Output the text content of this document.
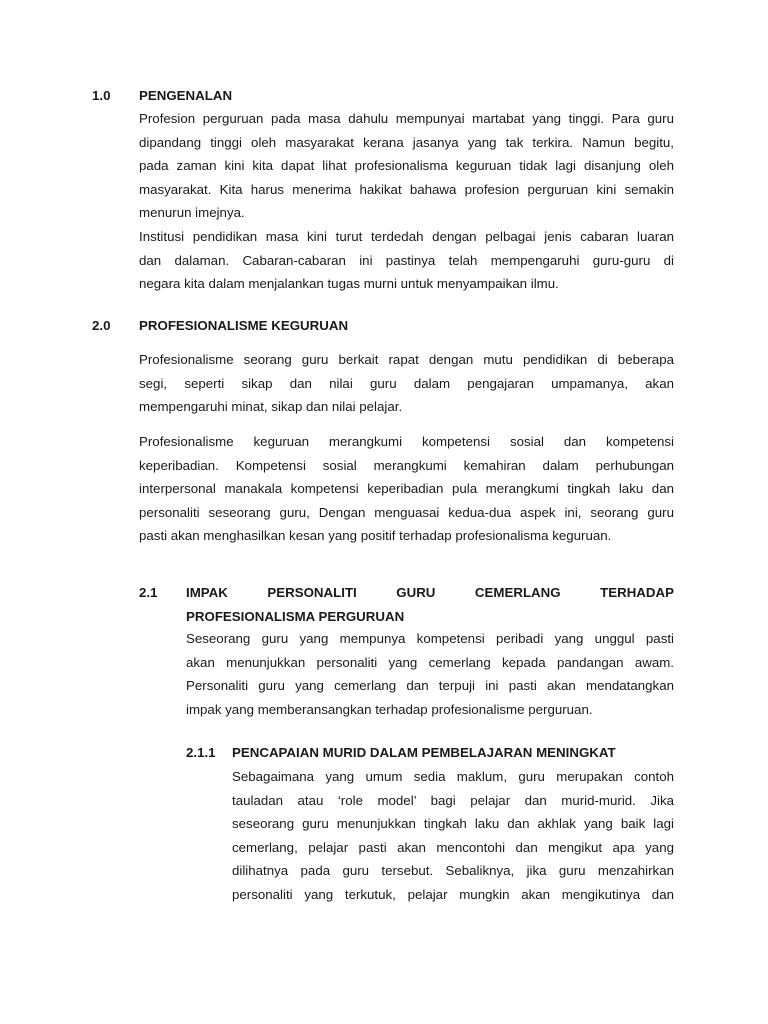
1.0 PENGENALAN
Profesion perguruan pada masa dahulu mempunyai martabat yang tinggi. Para guru
dipandang tinggi oleh masyarakat kerana jasanya yang tak terkira. Namun begitu,
pada zaman kini kita dapat lihat profesionalisma keguruan tidak lagi disanjung oleh
masyarakat. Kita harus menerima hakikat bahawa profesion perguruan kini semakin
menurun imejnya.
Institusi pendidikan masa kini turut terdedah dengan pelbagai jenis cabaran luaran
dan dalaman. Cabaran-cabaran ini pastinya telah mempengaruhi guru-guru di
negara kita dalam menjalankan tugas murni untuk menyampaikan ilmu.
2.0 PROFESIONALISME KEGURUAN
Profesionalisme seorang guru berkait rapat dengan mutu pendidikan di beberapa
segi, seperti sikap dan nilai guru dalam pengajaran umpamanya, akan
mempengaruhi minat, sikap dan nilai pelajar.
Profesionalisme keguruan merangkumi kompetensi sosial dan kompetensi
keperibadian. Kompetensi sosial merangkumi kemahiran dalam perhubungan
interpersonal manakala kompetensi keperibadian pula merangkumi tingkah laku dan
personaliti seseorang guru, Dengan menguasai kedua-dua aspek ini, seorang guru
pasti akan menghasilkan kesan yang positif terhadap profesionalisma keguruan.
2.1 IMPAK PERSONALITI GURU CEMERLANG TERHADAP
PROFESIONALISMA PERGURUAN
Seseorang guru yang mempunya kompetensi peribadi yang unggul pasti
akan menunjukkan personaliti yang cemerlang kepada pandangan awam.
Personaliti guru yang cemerlang dan terpuji ini pasti akan mendatangkan
impak yang memberansangkan terhadap profesionalisme perguruan.
2.1.1 PENCAPAIAN MURID DALAM PEMBELAJARAN MENINGKAT
Sebagaimana yang umum sedia maklum, guru merupakan contoh
tauladan atau ‘role model’ bagi pelajar dan murid-murid. Jika
seseorang guru menunjukkan tingkah laku dan akhlak yang baik lagi
cemerlang, pelajar pasti akan mencontohi dan mengikut apa yang
dilihatnya pada guru tersebut. Sebaliknya, jika guru menzahirkan
personaliti yang terkutuk, pelajar mungkin akan mengikutinya dan
